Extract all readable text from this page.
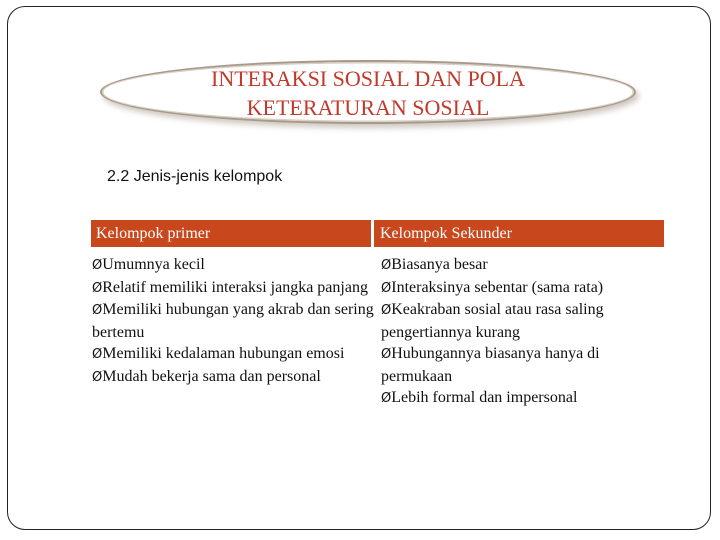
INTERAKSI SOSIAL DAN POLA
KETERATURAN SOSIAL
2.2 Jenis-jenis kelompok
Kelompok primer	Kelompok Sekunder

ØUmumnya kecil

ØRelatif memiliki interaksi jangka panjang

ØMemiliki hubungan yang akrab dan sering bertemu

ØMemiliki kedalaman hubungan emosi

ØMudah bekerja sama dan personal

ØBiasanya besar

ØInteraksinya sebentar (sama rata)

ØKeakraban sosial atau rasa saling pengertiannya kurang

ØHubungannya biasanya hanya di permukaan

ØLebih formal dan impersonal
